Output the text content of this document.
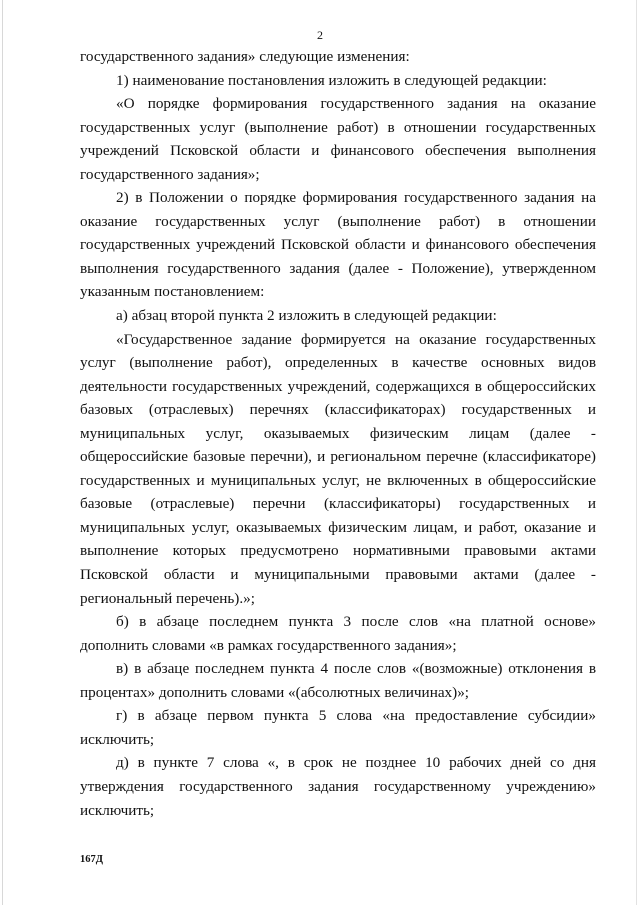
2

государственного задания» следующие изменения:

1) наименование постановления изложить в следующей редакции:

«О порядке формирования государственного задания на оказание государственных услуг (выполнение работ) в отношении государственных учреждений Псковской области и финансового обеспечения выполнения государственного задания»;

2) в Положении о порядке формирования государственного задания на оказание государственных услуг (выполнение работ) в отношении государственных учреждений Псковской области и финансового обеспечения выполнения государственного задания (далее - Положение), утвержденном указанным постановлением:

а) абзац второй пункта 2 изложить в следующей редакции:

«Государственное задание формируется на оказание государственных услуг (выполнение работ), определенных в качестве основных видов деятельности государственных учреждений, содержащихся в общероссийских базовых (отраслевых) перечнях (классификаторах) государственных и муниципальных услуг, оказываемых физическим лицам (далее - общероссийские базовые перечни), и региональном перечне (классификаторе) государственных и муниципальных услуг, не включенных в общероссийские базовые (отраслевые) перечни (классификаторы) государственных и муниципальных услуг, оказываемых физическим лицам, и работ, оказание и выполнение которых предусмотрено нормативными правовыми актами Псковской области и муниципальными правовыми актами (далее - региональный перечень).»;

б) в абзаце последнем пункта 3 после слов «на платной основе» дополнить словами «в рамках государственного задания»;

в) в абзаце последнем пункта 4 после слов «(возможные) отклонения в процентах» дополнить словами «(абсолютных величинах)»;

г) в абзаце первом пункта 5 слова «на предоставление субсидии» исключить;

д) в пункте 7 слова «, в срок не позднее 10 рабочих дней со дня утверждения государственного задания государственному учреждению» исключить;

167Д
